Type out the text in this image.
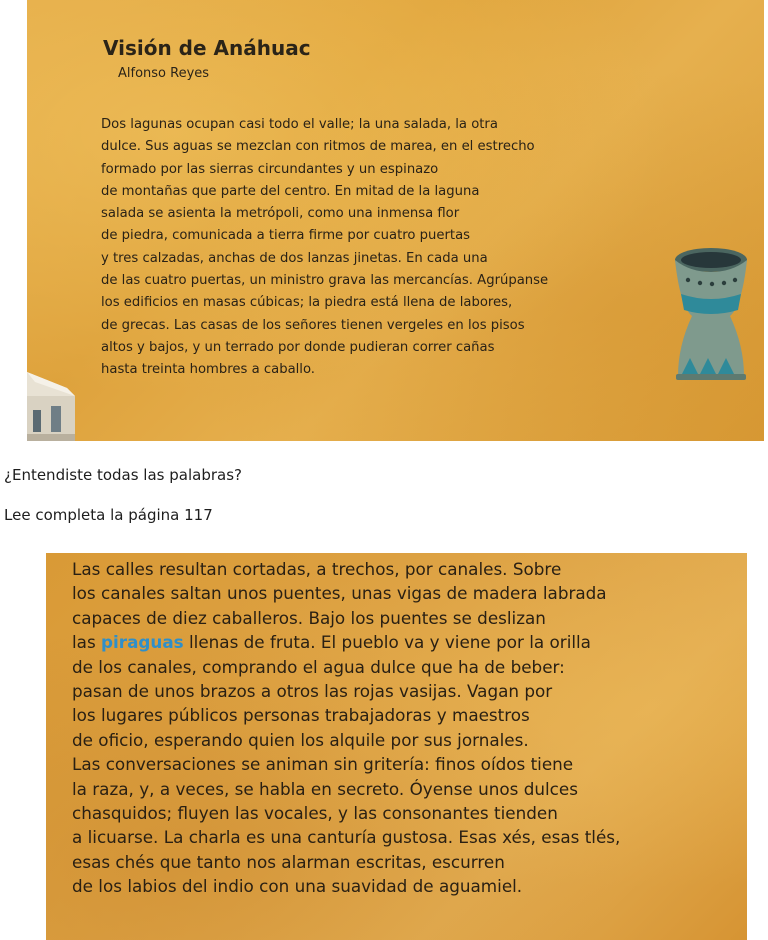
Visión de Anáhuac
Alfonso Reyes
Dos lagunas ocupan casi todo el valle; la una salada, la otra
dulce. Sus aguas se mezclan con ritmos de marea, en el estrecho
formado por las sierras circundantes y un espinazo
de montañas que parte del centro. En mitad de la laguna
salada se asienta la metrópoli, como una inmensa flor
de piedra, comunicada a tierra firme por cuatro puertas
y tres calzadas, anchas de dos lanzas jinetas. En cada una
de las cuatro puertas, un ministro grava las mercancías. Agrúpanse
los edificios en masas cúbicas; la piedra está llena de labores,
de grecas. Las casas de los señores tienen vergeles en los pisos
altos y bajos, y un terrado por donde pudieran correr cañas
hasta treinta hombres a caballo.
¿Entendiste todas las palabras?
Lee completa la página 117
Las calles resultan cortadas, a trechos, por canales. Sobre
los canales saltan unos puentes, unas vigas de madera labrada
capaces de diez caballeros. Bajo los puentes se deslizan
las piraguas llenas de fruta. El pueblo va y viene por la orilla
de los canales, comprando el agua dulce que ha de beber:
pasan de unos brazos a otros las rojas vasijas. Vagan por
los lugares públicos personas trabajadoras y maestros
de oficio, esperando quien los alquile por sus jornales.
Las conversaciones se animan sin gritería: finos oídos tiene
la raza, y, a veces, se habla en secreto. Óyense unos dulces
chasquidos; fluyen las vocales, y las consonantes tienden
a licuarse. La charla es una canturía gustosa. Esas xés, esas tlés,
esas chés que tanto nos alarman escritas, escurren
de los labios del indio con una suavidad de aguamiel.
